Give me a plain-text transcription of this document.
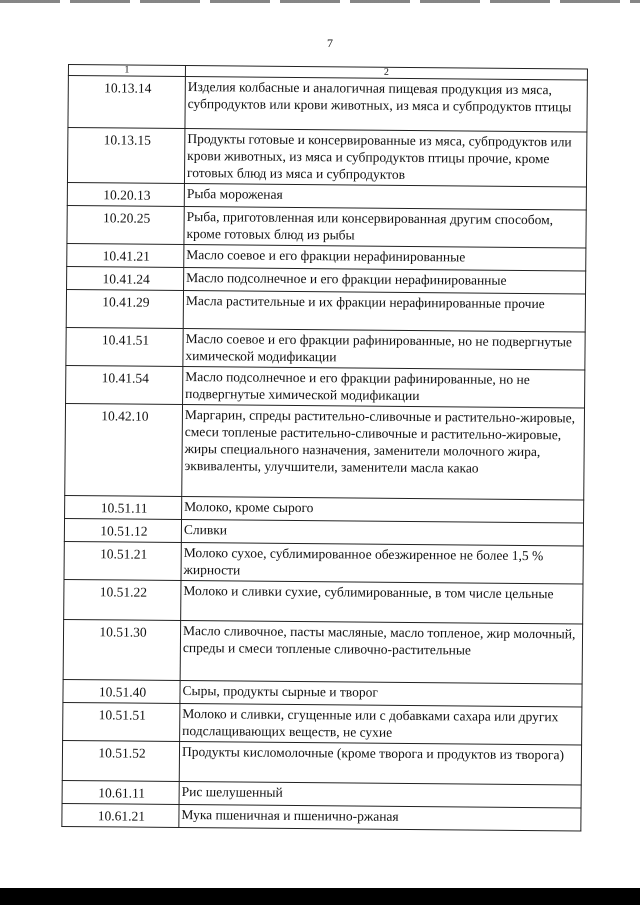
7
1	2
10.13.14	Изделия колбасные и аналогичная пищевая продукция из мяса, субпродуктов или крови животных, из мяса и субпродуктов птицы
10.13.15	Продукты готовые и консервированные из мяса, субпродуктов или крови животных, из мяса и субпродуктов птицы прочие, кроме готовых блюд из мяса и субпродуктов
10.20.13	Рыба мороженая
10.20.25	Рыба, приготовленная или консервированная другим способом, кроме готовых блюд из рыбы
10.41.21	Масло соевое и его фракции нерафинированные
10.41.24	Масло подсолнечное и его фракции нерафинированные
10.41.29	Масла растительные и их фракции нерафинированные прочие
10.41.51	Масло соевое и его фракции рафинированные, но не подвергнутые химической модификации
10.41.54	Масло подсолнечное и его фракции рафинированные, но не подвергнутые химической модификации
10.42.10	Маргарин, спреды растительно-сливочные и растительно-жировые, смеси топленые растительно-сливочные и растительно-жировые, жиры специального назначения, заменители молочного жира, эквиваленты, улучшители, заменители масла какао
10.51.11	Молоко, кроме сырого
10.51.12	Сливки
10.51.21	Молоко сухое, сублимированное обезжиренное не более 1,5 % жирности
10.51.22	Молоко и сливки сухие, сублимированные, в том числе цельные
10.51.30	Масло сливочное, пасты масляные, масло топленое, жир молочный, спреды и смеси топленые сливочно-растительные
10.51.40	Сыры, продукты сырные и творог
10.51.51	Молоко и сливки, сгущенные или с добавками сахара или других подслащивающих веществ, не сухие
10.51.52	Продукты кисломолочные (кроме творога и продуктов из творога)
10.61.11	Рис шелушенный
10.61.21	Мука пшеничная и пшенично-ржаная
